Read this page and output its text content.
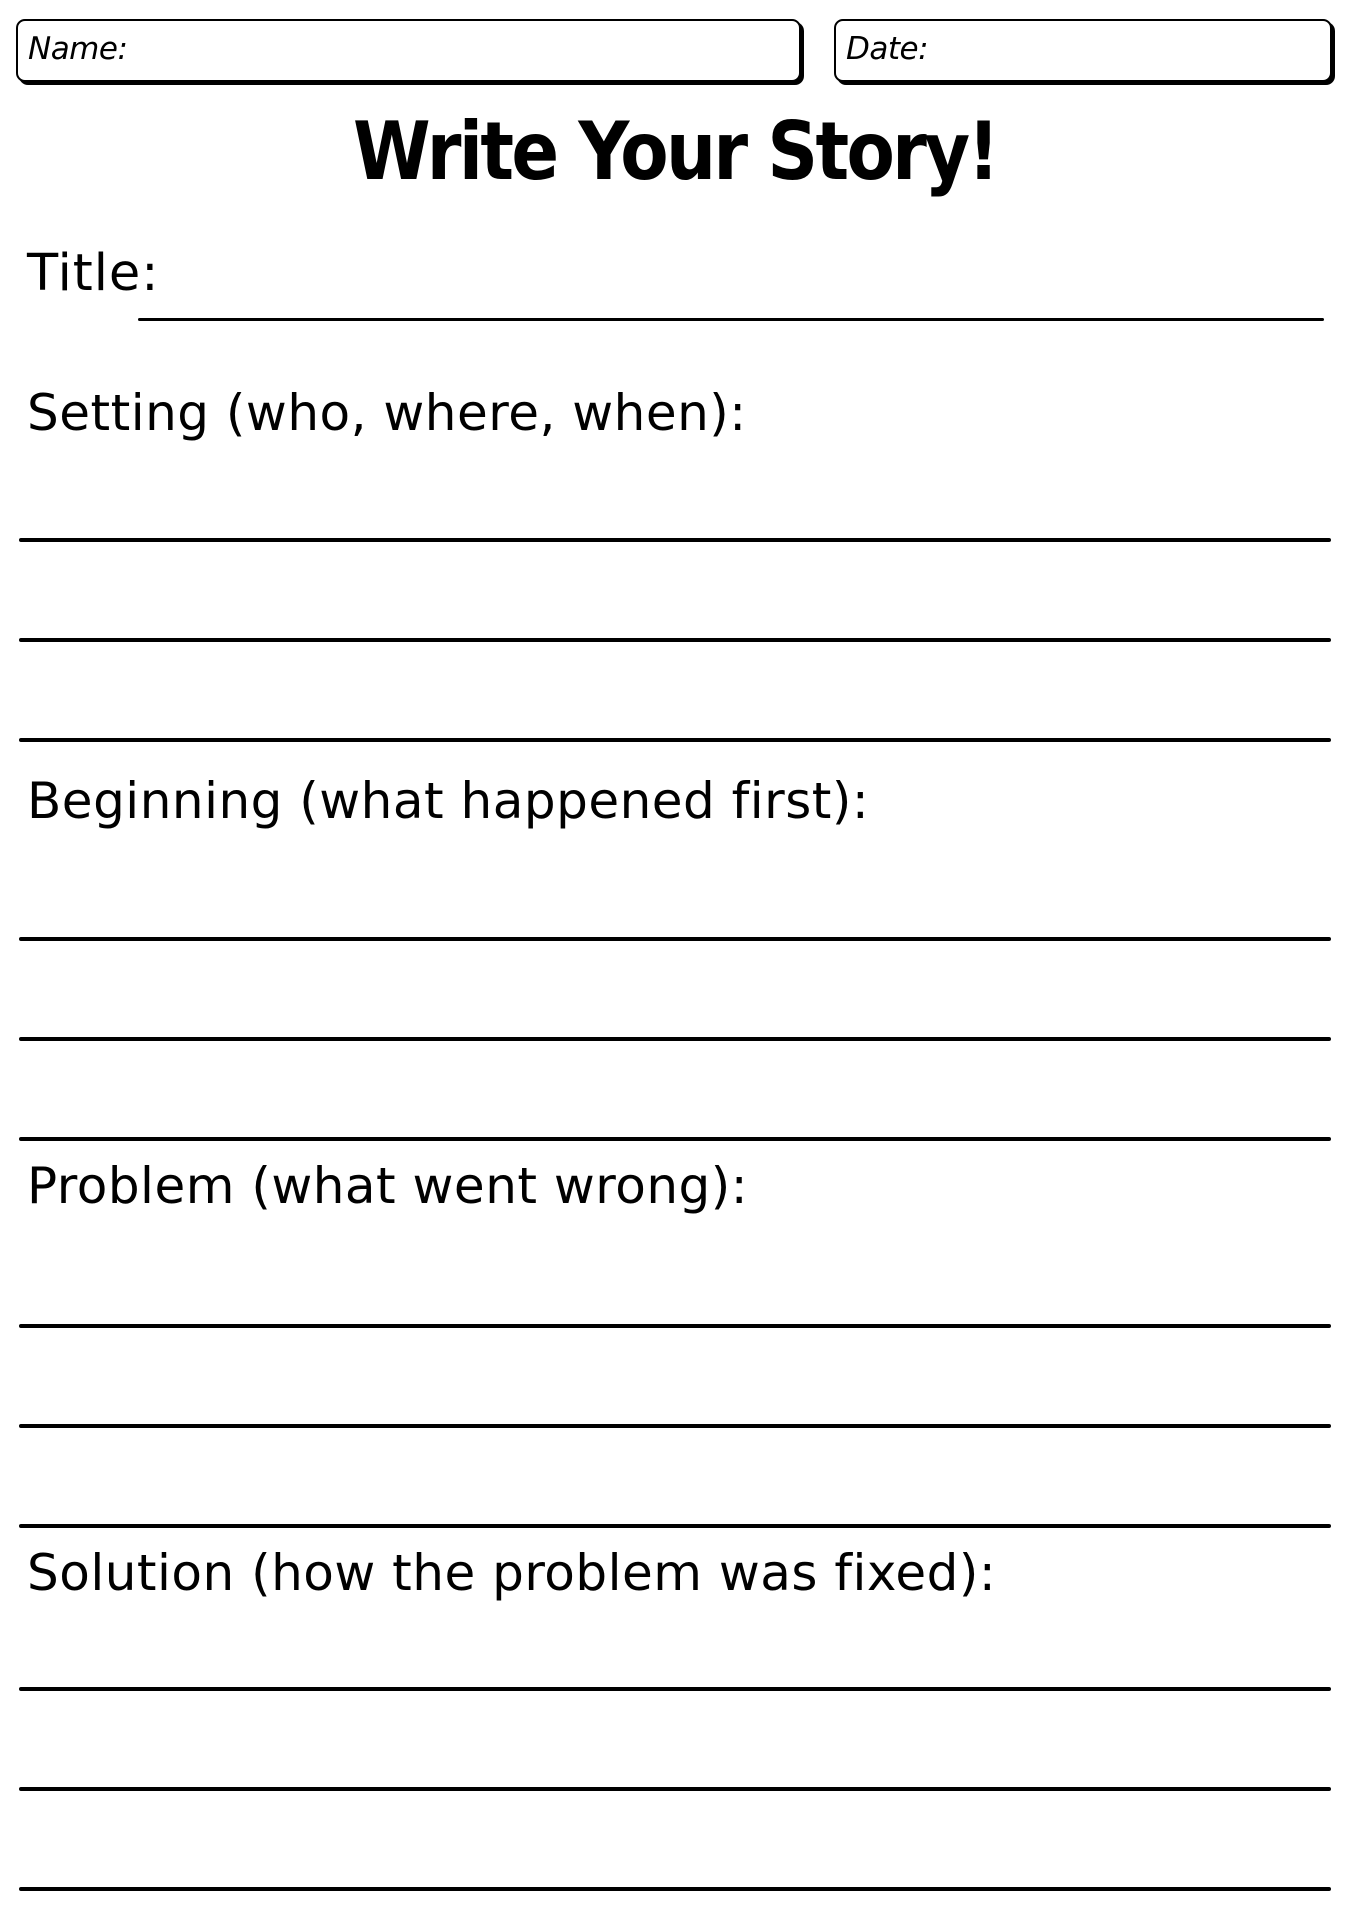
Name:	Date:
Write Your Story!
Title:
Setting (who, where, when):
Beginning (what happened first):
Problem (what went wrong):
Solution (how the problem was fixed):
